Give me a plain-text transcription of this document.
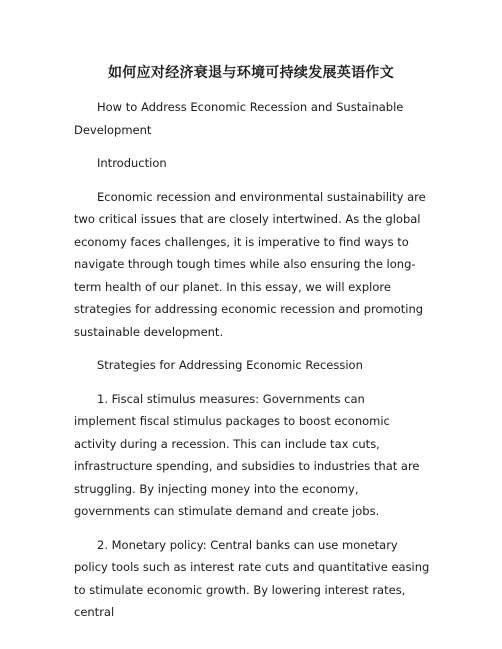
如何应对经济衰退与环境可持续发展英语作文

How to Address Economic Recession and Sustainable Development

Introduction

Economic recession and environmental sustainability are two critical issues that are closely intertwined. As the global economy faces challenges, it is imperative to find ways to navigate through tough times while also ensuring the long-term health of our planet. In this essay, we will explore strategies for addressing economic recession and promoting sustainable development.

Strategies for Addressing Economic Recession

1. Fiscal stimulus measures: Governments can implement fiscal stimulus packages to boost economic activity during a recession. This can include tax cuts, infrastructure spending, and subsidies to industries that are struggling. By injecting money into the economy, governments can stimulate demand and create jobs.

2. Monetary policy: Central banks can use monetary policy tools such as interest rate cuts and quantitative easing to stimulate economic growth. By lowering interest rates, central
